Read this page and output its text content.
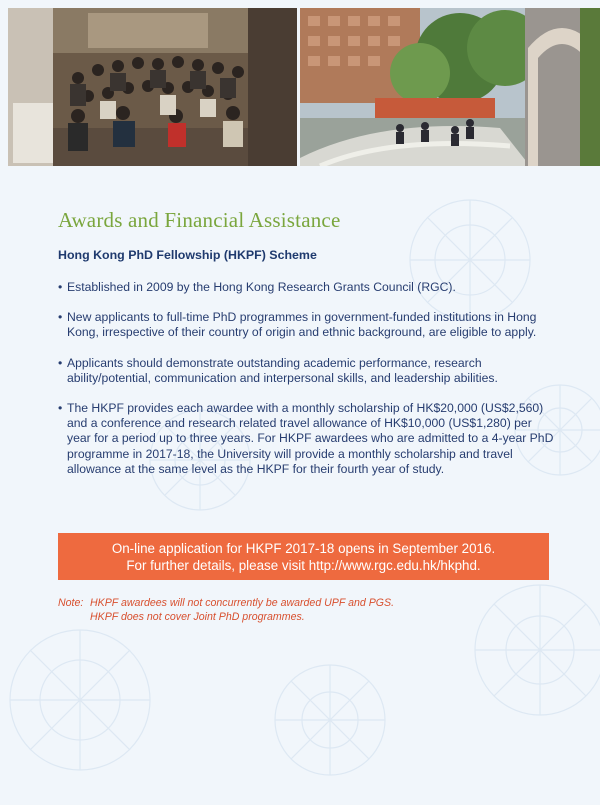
Awards and Financial Assistance
Hong Kong PhD Fellowship (HKPF) Scheme
• Established in 2009 by the Hong Kong Research Grants Council (RGC).
• New applicants to full-time PhD programmes in government-funded institutions in Hong Kong, irrespective of their country of origin and ethnic background, are eligible to apply.
• Applicants should demonstrate outstanding academic performance, research ability/potential, communication and interpersonal skills, and leadership abilities.
• The HKPF provides each awardee with a monthly scholarship of HK$20,000 (US$2,560) and a conference and research related travel allowance of HK$10,000 (US$1,280) per year for a period up to three years. For HKPF awardees who are admitted to a 4-year PhD programme in 2017-18, the University will provide a monthly scholarship and travel allowance at the same level as the HKPF for their fourth year of study.
On-line application for HKPF 2017-18 opens in September 2016.
For further details, please visit http://www.rgc.edu.hk/hkphd.
Note: HKPF awardees will not concurrently be awarded UPF and PGS.
HKPF does not cover Joint PhD programmes.
